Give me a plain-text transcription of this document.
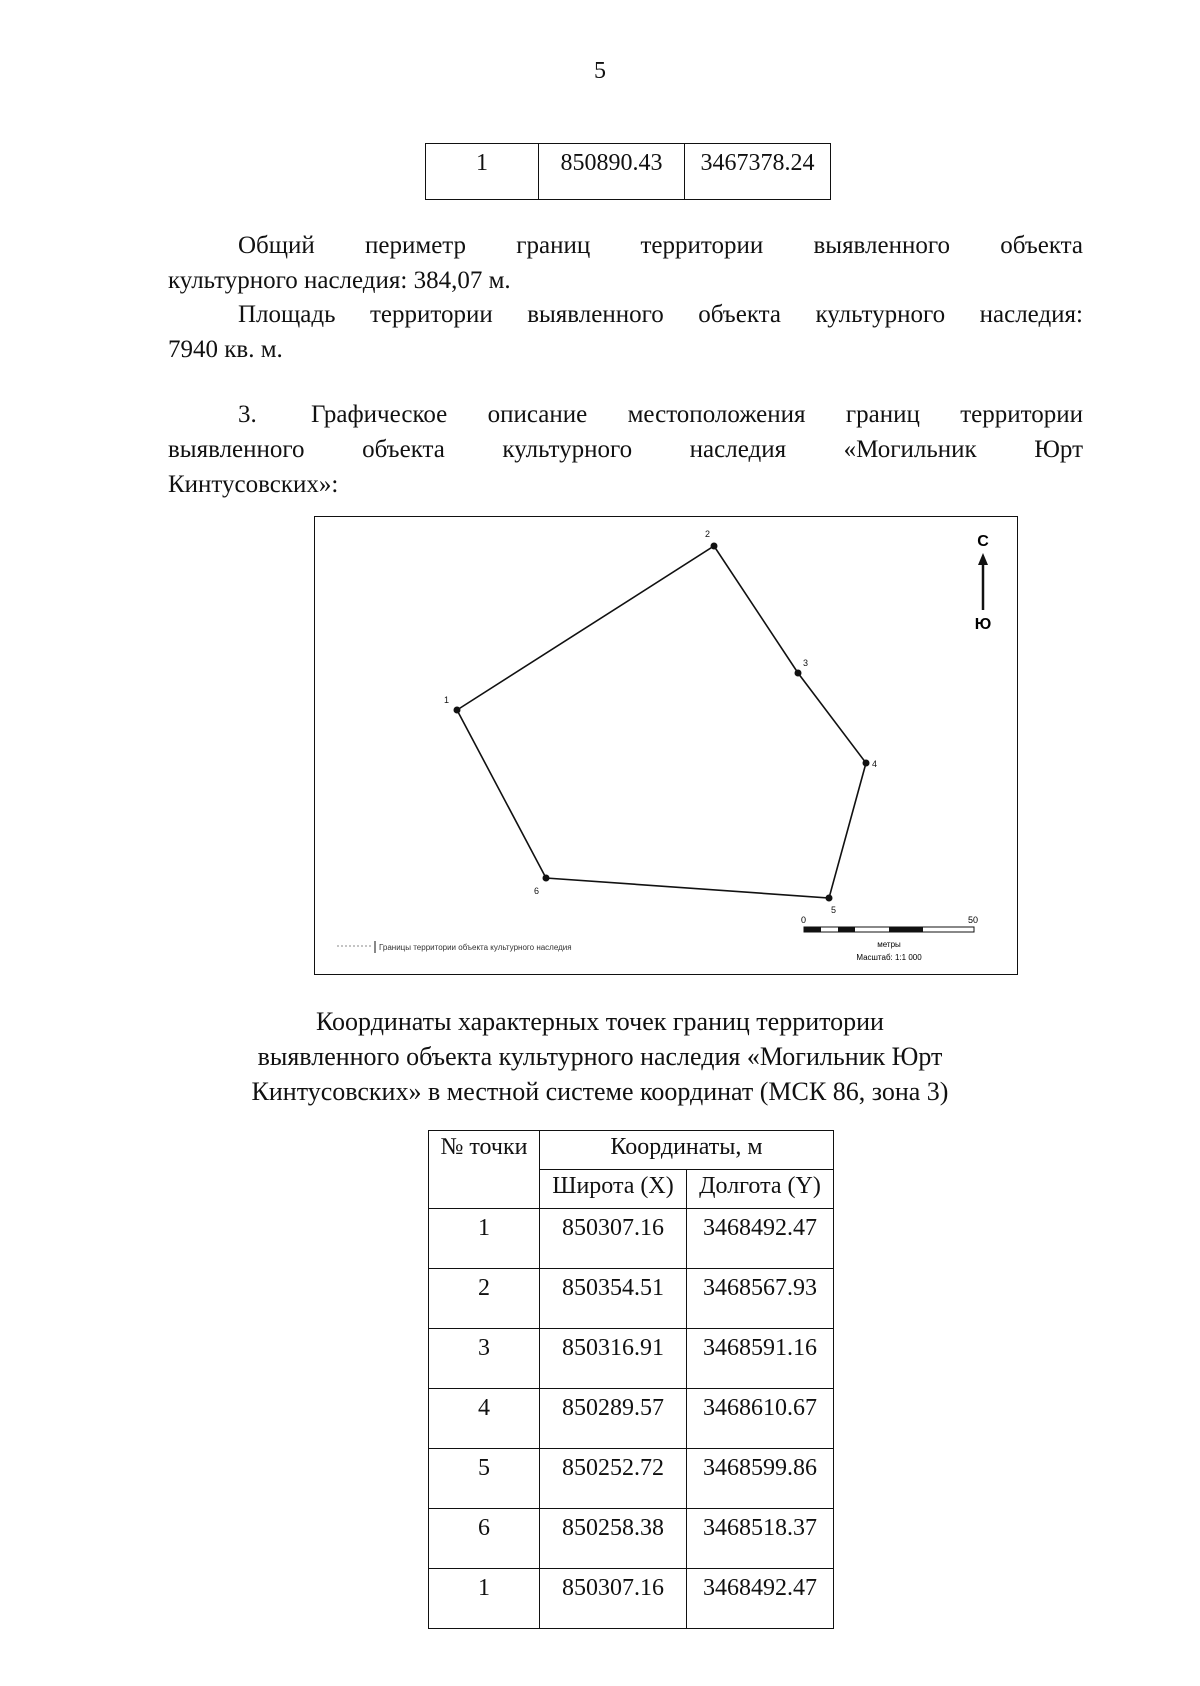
5
1	850890.43	3467378.24
Общий периметр границ территории выявленного объекта
культурного наследия: 384,07 м.
Площадь территории выявленного объекта культурного наследия:
7940 кв. м.
3. Графическое описание местоположения границ территории
выявленного объекта культурного наследия «Могильник Юрт
Кинтусовских»:
1
2
3
4
5
6
С
Ю
Границы территории объекта культурного наследия
0	50
метры
Масштаб: 1:1 000
Координаты характерных точек границ территории
выявленного объекта культурного наследия «Могильник Юрт
Кинтусовских» в местной системе координат (МСК 86, зона 3)
№ точки	Координаты, м	
	Широта (X)	Долгота (Y)
1	850307.16	3468492.47
2	850354.51	3468567.93
3	850316.91	3468591.16
4	850289.57	3468610.67
5	850252.72	3468599.86
6	850258.38	3468518.37
1	850307.16	3468492.47
